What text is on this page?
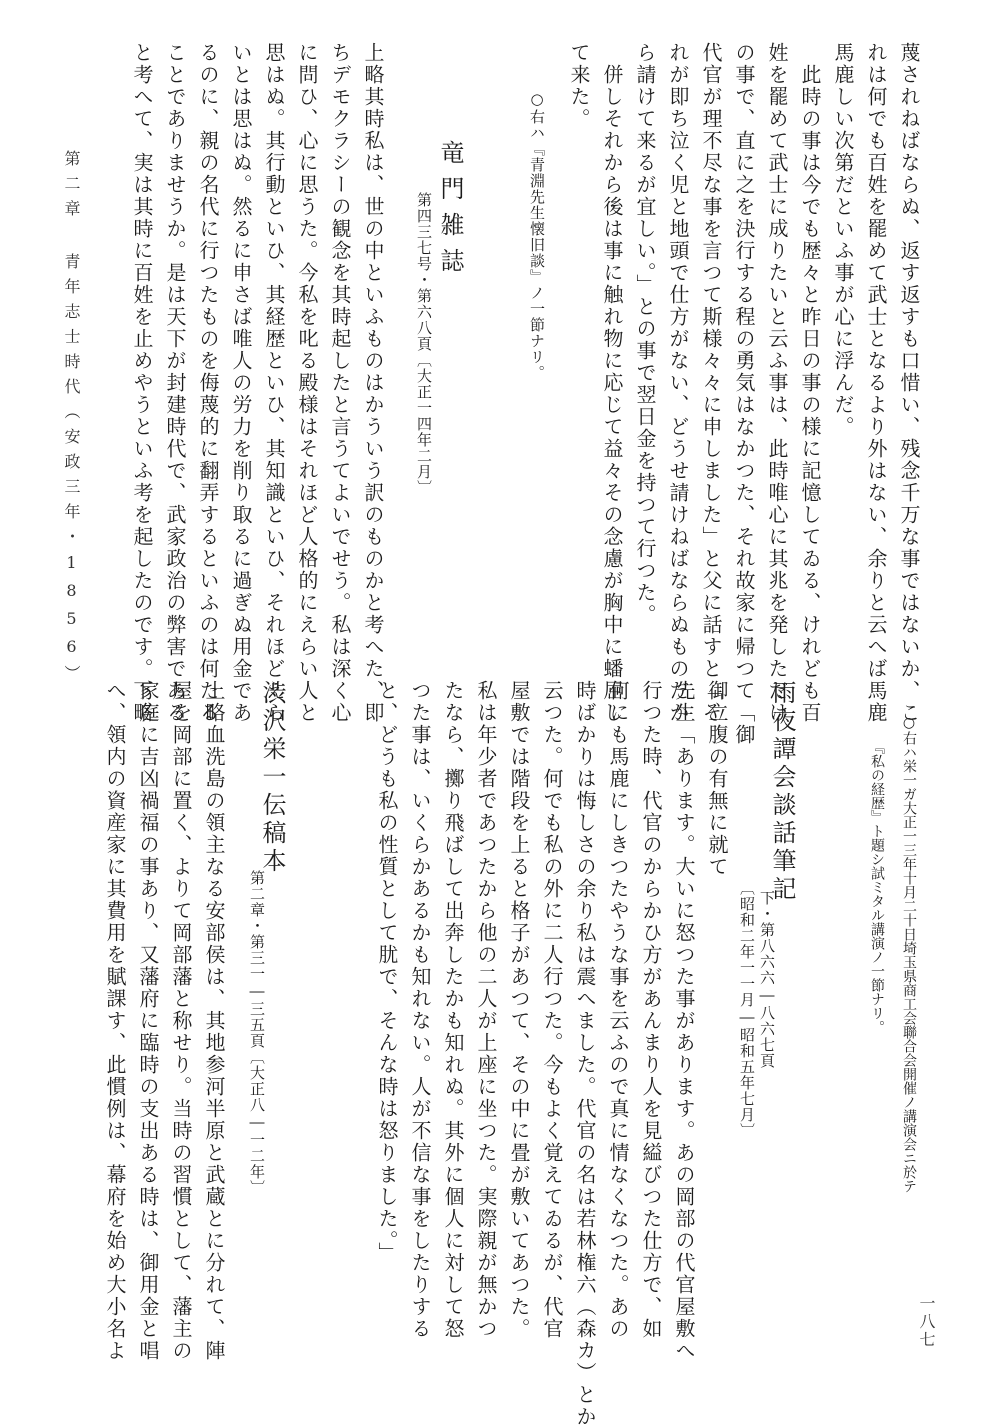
蔑されねばならぬ、返す返すも口惜い、残念千万な事ではないか、こ
れは何でも百姓を罷めて武士となるより外はない、余りと云へば馬鹿
馬鹿しい次第だといふ事が心に浮んだ。
　此時の事は今でも歴々と昨日の事の様に記憶してゐる、けれども百
姓を罷めて武士に成りたいと云ふ事は、此時唯心に其兆を発しただけ
の事で、直に之を決行する程の勇気はなかつた、それ故家に帰つて「御
代官が理不尽な事を言つて斯様々々に申しました」と父に話すと「そ
れが即ち泣く児と地頭で仕方がない、どうせ請けねばならぬものだか
ら請けて来るが宜しい。」との事で翌日金を持つて行つた。
　併しそれから後は事に触れ物に応じて益々その念慮が胸中に蟠屈し
て来た。
○右ハ『青淵先生懐旧談』ノ一節ナリ。
竜門雑誌
第四三七号・第六八頁〔大正一四年二月〕
上略其時私は、世の中といふものはかういう訳のものかと考へた、即
ちデモクラシーの観念を其時起したと言うてよいでせう。私は深く心
に問ひ、心に思うた。今私を叱る殿様はそれほど人格的にえらい人と
思はぬ。其行動といひ、其経歴といひ、其知識といひ、それほどえら
いとは思はぬ。然るに申さば唯人の労力を削り取るに過ぎぬ用金であ
るのに、親の名代に行つたものを侮蔑的に翻弄するといふのは何たる
ことでありませうか。是は天下が封建時代で、武家政治の弊害である
と考へて、実は其時に百姓を止めやうといふ考を起したのです。下略
第二章 青年志士時代（安政三年・1856）
○右ハ栄一ガ大正一三年十月二十日埼玉県商工会聯合会開催ノ講演会ニ於テ
『私の経歴』ト題シ試ミタル講演ノ一節ナリ。
雨夜譚会談話筆記
下・第八六六―八六七頁
〔昭和二年一一月―昭和五年七月〕
御立腹の有無に就て
先生「あります。大いに怒つた事があります。あの岡部の代官屋敷へ
行つた時、代官のからかひ方があんまり人を見縊びつた仕方で、如
何にも馬鹿にしきつたやうな事を云ふので真に情なくなつた。あの
時ばかりは悔しさの余り私は震へました。代官の名は若林権六（森カ）とか
云つた。何でも私の外に二人行つた。今もよく覚えてゐるが、代官
屋敷では階段を上ると格子があつて、その中に畳が敷いてあつた。
私は年少者であつたから他の二人が上座に坐つた。実際親が無かつ
たなら、擲り飛ばして出奔したかも知れぬ。其外に個人に対して怒
つた事は、いくらかあるかも知れない。人が不信な事をしたりする
と、どうも私の性質として肬で、そんな時は怒りました。」
渋沢栄一伝稿本
第二章・第三一―三五頁〔大正八―一二年〕
上略血洗島の領主なる安部侯は、其地参河半原と武蔵とに分れて、陣
屋を岡部に置く、よりて岡部藩と称せり。当時の習慣として、藩主の
家庭に吉凶禍福の事あり、又藩府に臨時の支出ある時は、御用金と唱
へ、領内の資産家に其費用を賦課す、此慣例は、幕府を始め大小名よ	一八七
